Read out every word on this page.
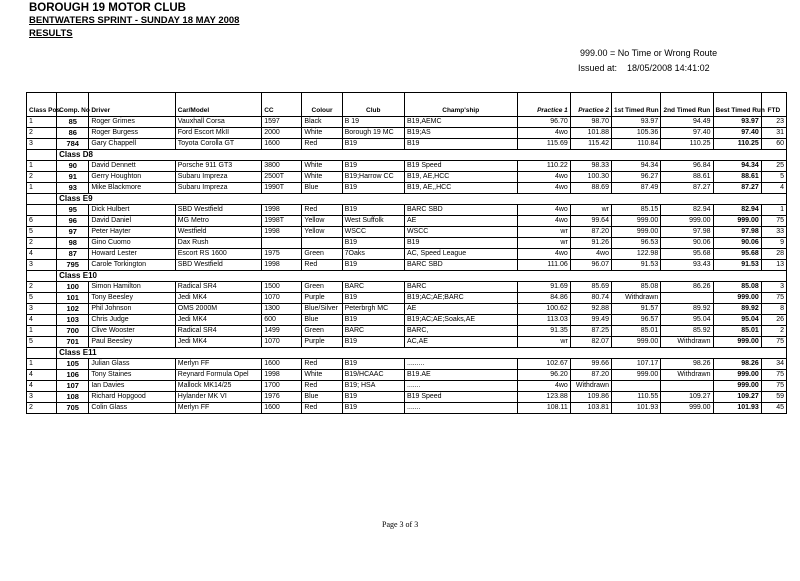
BOROUGH 19 MOTOR CLUB
BENTWATERS SPRINT - SUNDAY 18 MAY 2008
RESULTS
999.00 = No Time or Wrong Route
Issued at: 18/05/2008 14:41:02
Class Pos.	Comp. No	Driver	Car/Model	CC	Colour	Club	Champ'ship	Practice 1	Practice 2	1st Timed Run	2nd Timed Run	Best Timed Run	FTD
1	85	Roger Grimes	Vauxhall Corsa	1597	Black	B 19	B19,AEMC	96.70	98.70	93.97	94.49	93.97	23
2	86	Roger Burgess	Ford Escort MkII	2000	White	Borough 19 MC	B19;AS	4wo	101.88	105.36	97.40	97.40	31
3	784	Gary Chappell	Toyota Corolla GT	1600	Red	B19	B19	115.69	115.42	110.84	110.25	110.25	60
	Class D8												
1	90	David Dennett	Porsche 911 GT3	3800	White	B19	B19 Speed	110.22	98.33	94.34	96.84	94.34	25
2	91	Gerry Houghton	Subaru Impreza	2500T	White	B19;Harrow CC	B19, AE,HCC	4wo	100.30	96.27	88.61	88.61	5
1	93	Mike Blackmore	Subaru Impreza	1990T	Blue	B19	B19, AE,,HCC	4wo	88.69	87.49	87.27	87.27	4
	Class E9												
	95	Dick Hulbert	SBD Westfield	1998	Red	B19	BARC SBD	4wo	wr	85.15	82.94	82.94	1
6	96	David Daniel	MG Metro	1998T	Yellow	West Suffolk	AE	4wo	99.64	999.00	999.00	999.00	75
5	97	Peter Hayter	Westfield	1998	Yellow	WSCC	WSCC	wr	87.20	999.00	97.98	97.98	33
2	98	Gino Cuomo	Dax Rush			B19	B19	wr	91.26	96.53	90.06	90.06	9
4	87	Howard Lester	Escort RS 1600	1975	Green	7Oaks	AC, Speed League	4wo	4wo	122.98	95.68	95.68	28
3	795	Carole Torkington	SBD Westfield	1998	Red	B19	BARC SBD	111.06	96.07	91.53	93.43	91.53	13
	Class E10												
2	100	Simon Hamilton	Radical SR4	1500	Green	BARC	BARC	91.69	85.69	85.08	86.26	85.08	3
5	101	Tony Beesley	Jedi MK4	1070	Purple	B19	B19;AC;AE;BARC	84.86	80.74	Withdrawn		999.00	75
3	102	Phil Johnson	OMS 2000M	1300	Blue/Silver	Peterbrgh MC	AE	100.62	92.88	91.57	89.92	89.92	8
4	103	Chris Judge	Jedi MK4	600	Blue	B19	B19;AC;AE;Soaks,AE	113.03	99.49	96.57	95.04	95.04	26
1	700	Clive Wooster	Radical SR4	1499	Green	BARC	BARC,	91.35	87.25	85.01	85.92	85.01	2
5	701	Paul Beesley	Jedi MK4	1070	Purple	B19	AC,AE	wr	82.07	999.00	Withdrawn	999.00	75
	Class E11												
1	105	Julian Glass	Merlyn FF	1600	Red	B19	.........	102.67	99.66	107.17	98.26	98.26	34
4	106	Tony Staines	Reynard Formula Opel	1998	White	B19/HCAAC	B19.AE	96.20	87.20	999.00	Withdrawn	999.00	75
4	107	Ian Davies	Mallock MK14/25	1700	Red	B19; HSA	.......	4wo	Withdrawn			999.00	75
3	108	Richard Hopgood	Hylander MK VI	1976	Blue	B19	B19 Speed	123.88	109.86	110.55	109.27	109.27	59
2	705	Colin Glass	Merlyn FF	1600	Red	B19	.......	108.11	103.81	101.93	999.00	101.93	45
Page 3 of 3
